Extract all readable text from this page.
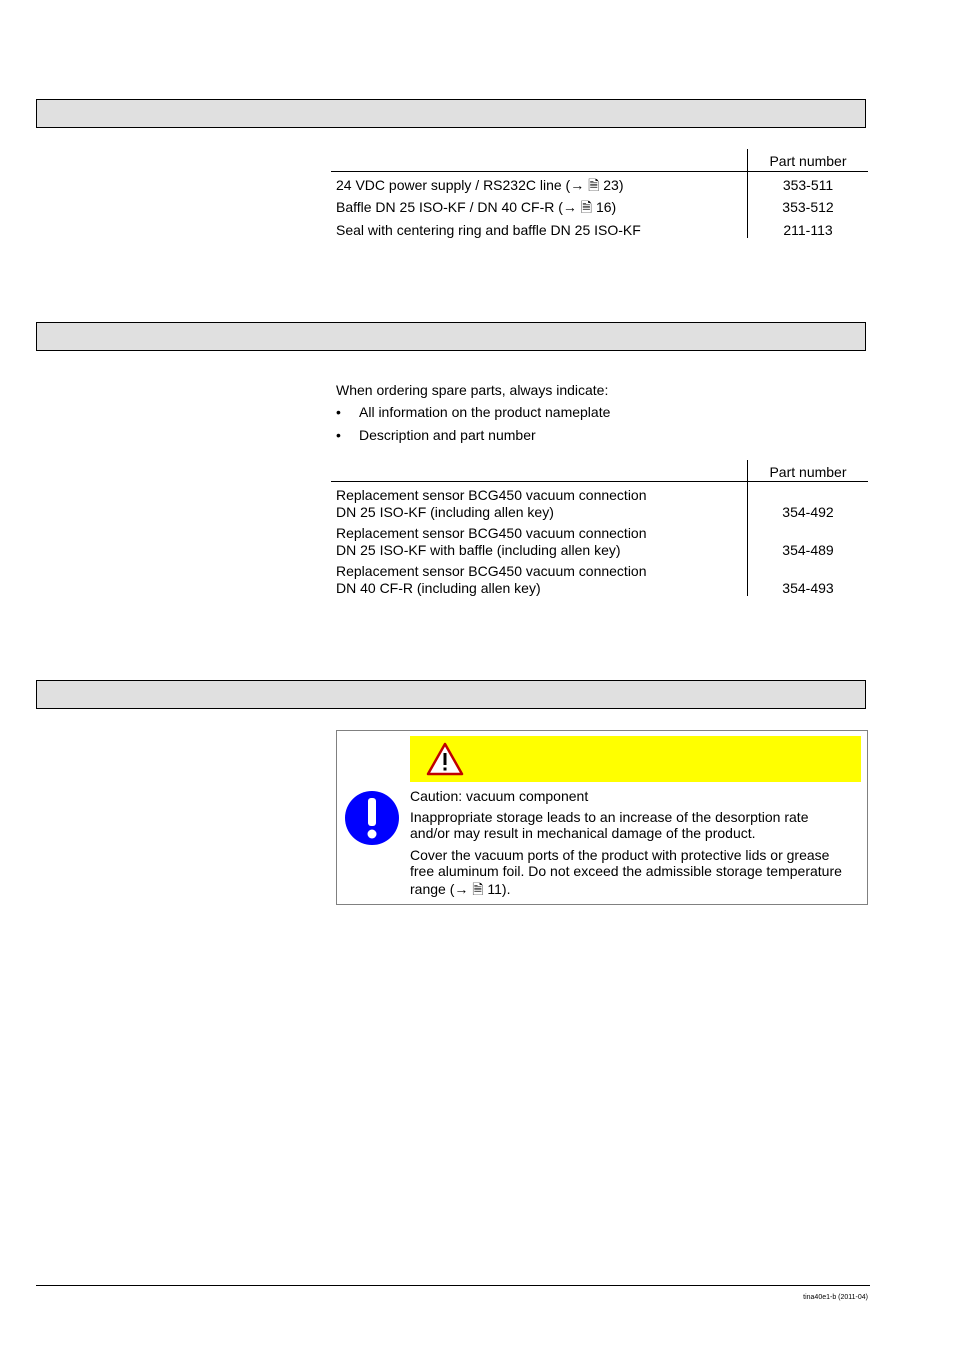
Part number
24 VDC power supply / RS232C line (→ 🗎 23)	353-511
Baffle DN 25 ISO-KF / DN 40 CF-R (→ 🗎 16)	353-512
Seal with centering ring and baffle DN 25 ISO-KF	211-113
When ordering spare parts, always indicate:
• All information on the product nameplate
• Description and part number
Part number
Replacement sensor BCG450 vacuum connection
DN 25 ISO-KF (including allen key)	354-492
Replacement sensor BCG450 vacuum connection
DN 25 ISO-KF with baffle (including allen key)	354-489
Replacement sensor BCG450 vacuum connection
DN 40 CF-R (including allen key)	354-493
Caution: vacuum component
Inappropriate storage leads to an increase of the desorption rate
and/or may result in mechanical damage of the product.
Cover the vacuum ports of the product with protective lids or grease
free aluminum foil. Do not exceed the admissible storage temperature
range (→ 🗎 11).
tina40e1-b (2011-04)
